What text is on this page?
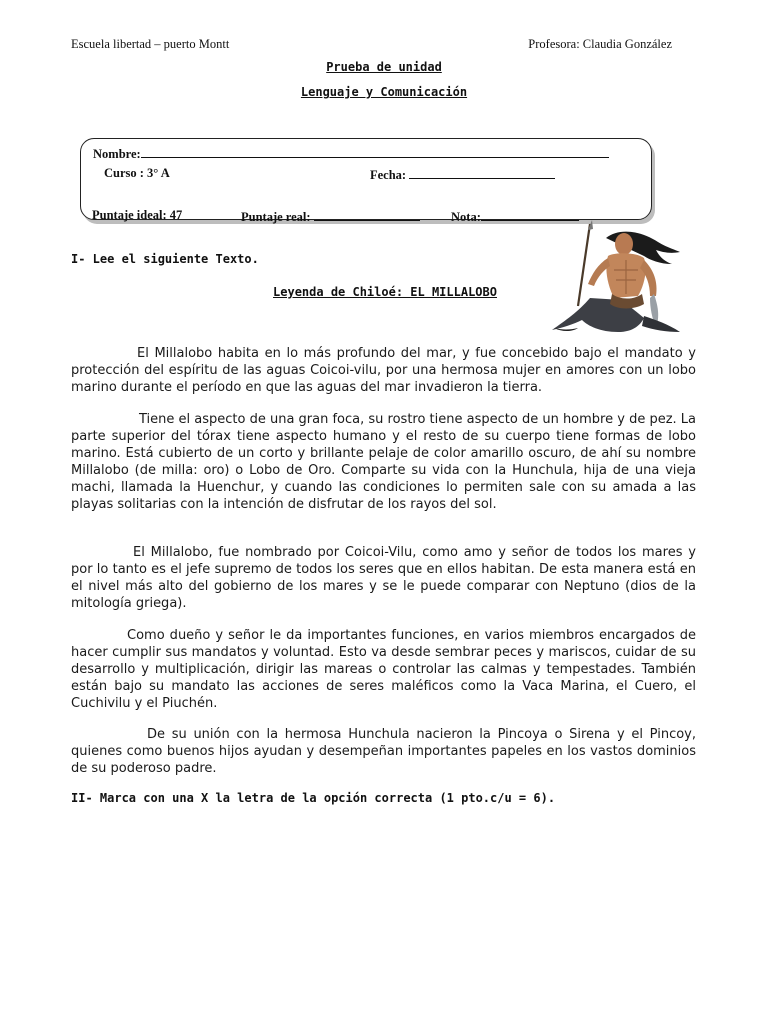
Escuela libertad – puerto Montt	Profesora: Claudia González
Prueba de unidad
Lenguaje y Comunicación
Nombre:
Curso : 3° A	Fecha:
Puntaje ideal: 47	Puntaje real:	Nota:
I- Lee el siguiente Texto.
Leyenda de Chiloé: EL MILLALOBO

El Millalobo habita en lo más profundo del mar, y fue concebido bajo el mandato y protección del espíritu de las aguas Coicoi-vilu, por una hermosa mujer en amores con un lobo marino durante el período en que las aguas del mar invadieron la tierra.

Tiene el aspecto de una gran foca, su rostro tiene aspecto de un hombre y de pez. La parte superior del tórax tiene aspecto humano y el resto de su cuerpo tiene formas de lobo marino. Está cubierto de un corto y brillante pelaje de color amarillo oscuro, de ahí su nombre Millalobo (de milla: oro) o Lobo de Oro. Comparte su vida con la Hunchula, hija de una vieja machi, llamada la Huenchur, y cuando las condiciones lo permiten sale con su amada a las playas solitarias con la intención de disfrutar de los rayos del sol.

El Millalobo, fue nombrado por Coicoi-Vilu, como amo y señor de todos los mares y por lo tanto es el jefe supremo de todos los seres que en ellos habitan. De esta manera está en el nivel más alto del gobierno de los mares y se le puede comparar con Neptuno (dios de la mitología griega).

Como dueño y señor le da importantes funciones, en varios miembros encargados de hacer cumplir sus mandatos y voluntad. Esto va desde sembrar peces y mariscos, cuidar de su desarrollo y multiplicación, dirigir las mareas o controlar las calmas y tempestades. También están bajo su mandato las acciones de seres maléficos como la Vaca Marina, el Cuero, el Cuchivilu y el Piuchén.

De su unión con la hermosa Hunchula nacieron la Pincoya o Sirena y el Pincoy, quienes como buenos hijos ayudan y desempeñan importantes papeles en los vastos dominios de su poderoso padre.

II- Marca con una X la letra de la opción correcta (1 pto.c/u = 6).
